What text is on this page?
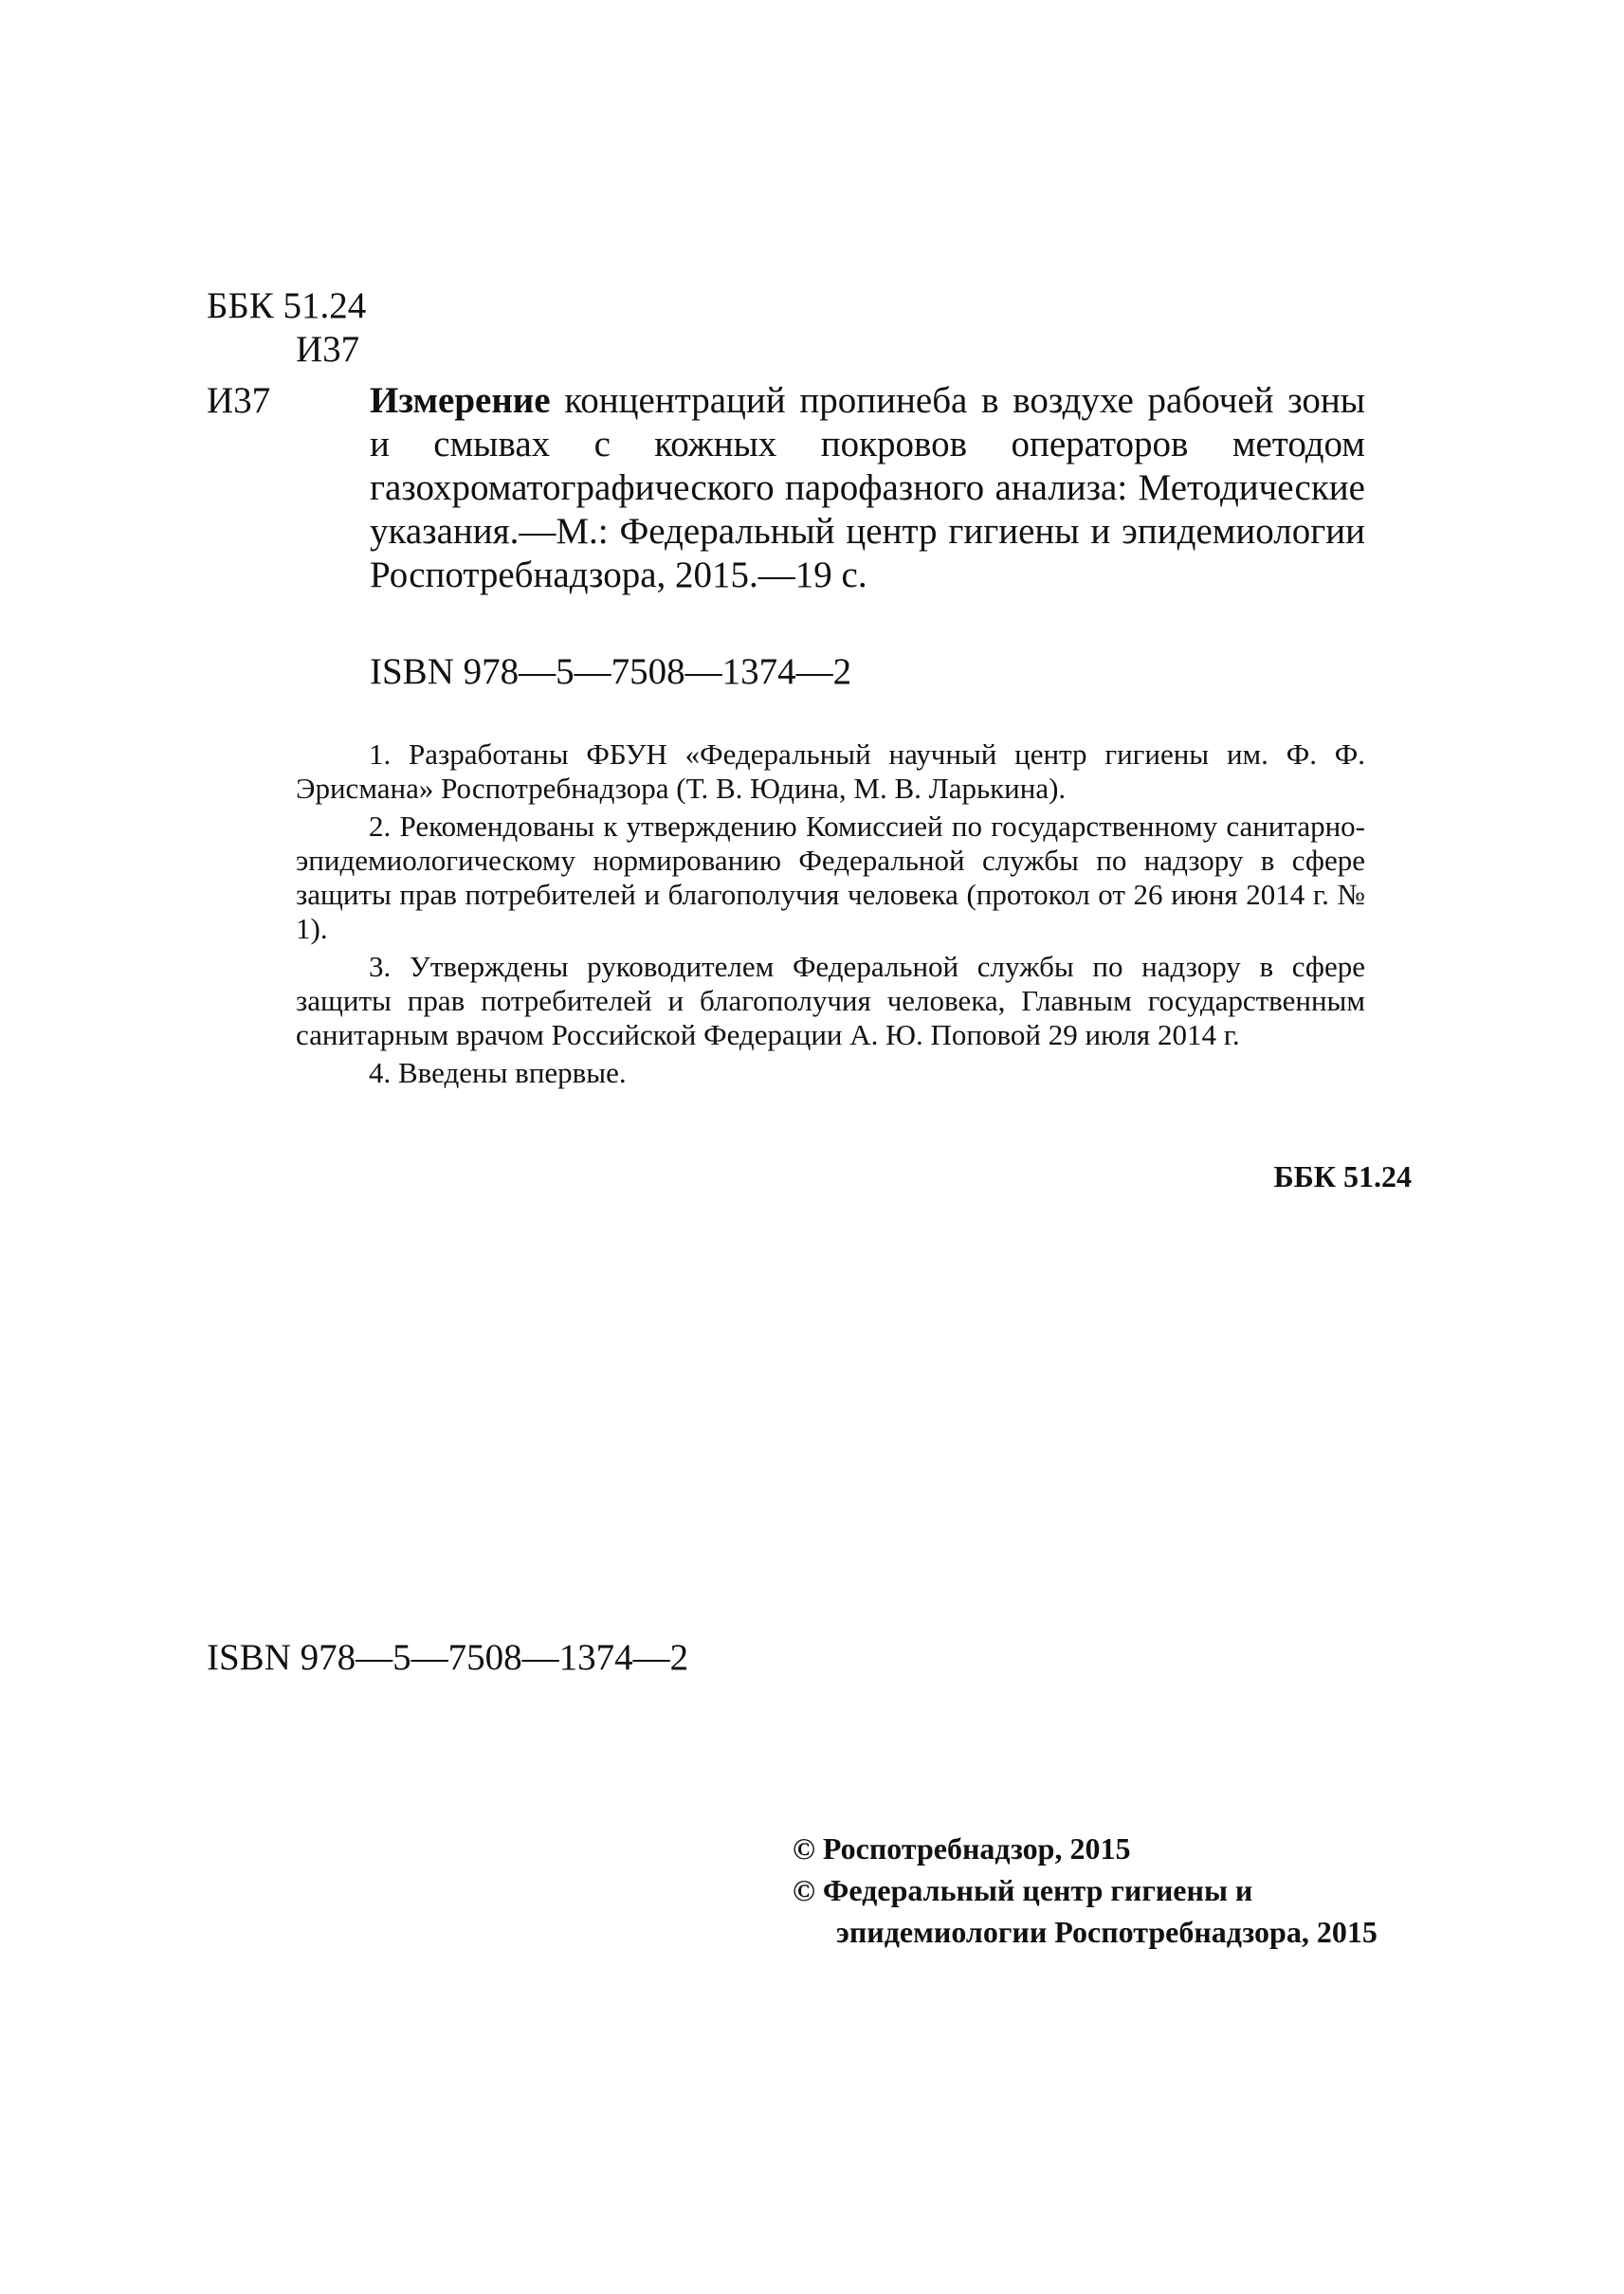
ББК 51.24
И37
И37	Измерение концентраций пропинеба в воздухе рабочей зоны и смывах с кожных покровов операторов методом газохроматографического парофазного анализа: Методические указания.—М.: Федеральный центр гигиены и эпидемиологии Роспотребнадзора, 2015.—19 с.
ISBN 978—5—7508—1374—2

1. Разработаны ФБУН «Федеральный научный центр гигиены им. Ф. Ф. Эрисмана» Роспотребнадзора (Т. В. Юдина, М. В. Ларькина).

2. Рекомендованы к утверждению Комиссией по государственному санитарно-эпидемиологическому нормированию Федеральной службы по надзору в сфере защиты прав потребителей и благополучия человека (протокол от 26 июня 2014 г. № 1).

3. Утверждены руководителем Федеральной службы по надзору в сфере защиты прав потребителей и благополучия человека, Главным государственным санитарным врачом Российской Федерации А. Ю. Поповой 29 июля 2014 г.

4. Введены впервые.

ББК 51.24
ISBN 978—5—7508—1374—2
© Роспотребнадзор, 2015
© Федеральный центр гигиены и
эпидемиологии Роспотребнадзора, 2015
